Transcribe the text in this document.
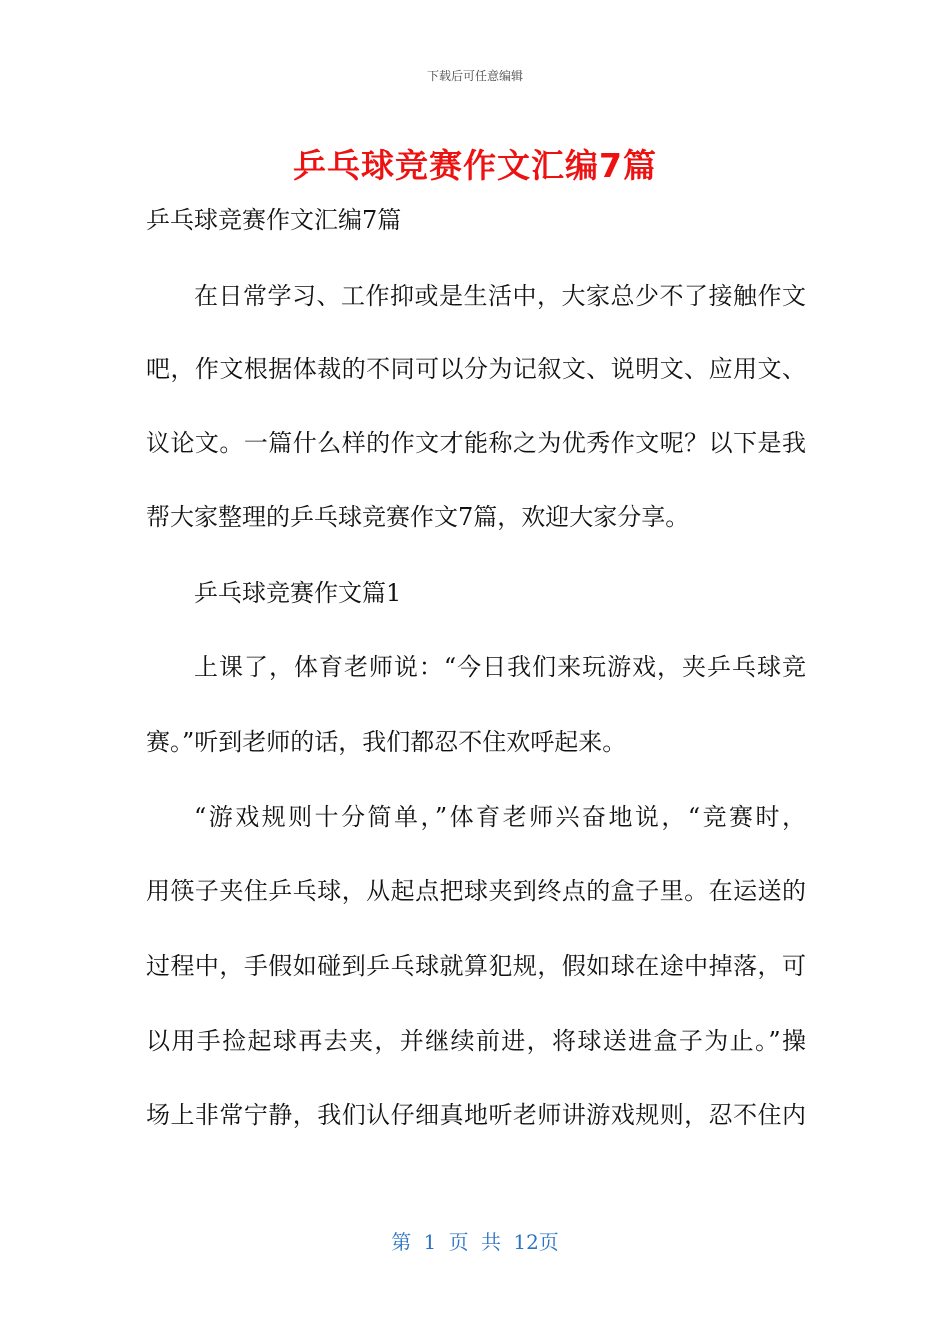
下载后可任意编辑
乒乓球竞赛作文汇编7篇
乒乓球竞赛作文汇编7篇
在日常学习、工作抑或是生活中，大家总少不了接触作文
吧，作文根据体裁的不同可以分为记叙文、说明文、应用文、
议论文。一篇什么样的作文才能称之为优秀作文呢？以下是我
帮大家整理的乒乓球竞赛作文7篇，欢迎大家分享。
乒乓球竞赛作文篇1
上课了，体育老师说：“今日我们来玩游戏，夹乒乓球竞
赛。”听到老师的话，我们都忍不住欢呼起来。
“游戏规则十分简单，”体育老师兴奋地说，“竞赛时，
用筷子夹住乒乓球，从起点把球夹到终点的盒子里。在运送的
过程中，手假如碰到乒乓球就算犯规，假如球在途中掉落，可
以用手捡起球再去夹，并继续前进，将球送进盒子为止。”操
场上非常宁静，我们认仔细真地听老师讲游戏规则，忍不住内
第 1 页 共 12页
